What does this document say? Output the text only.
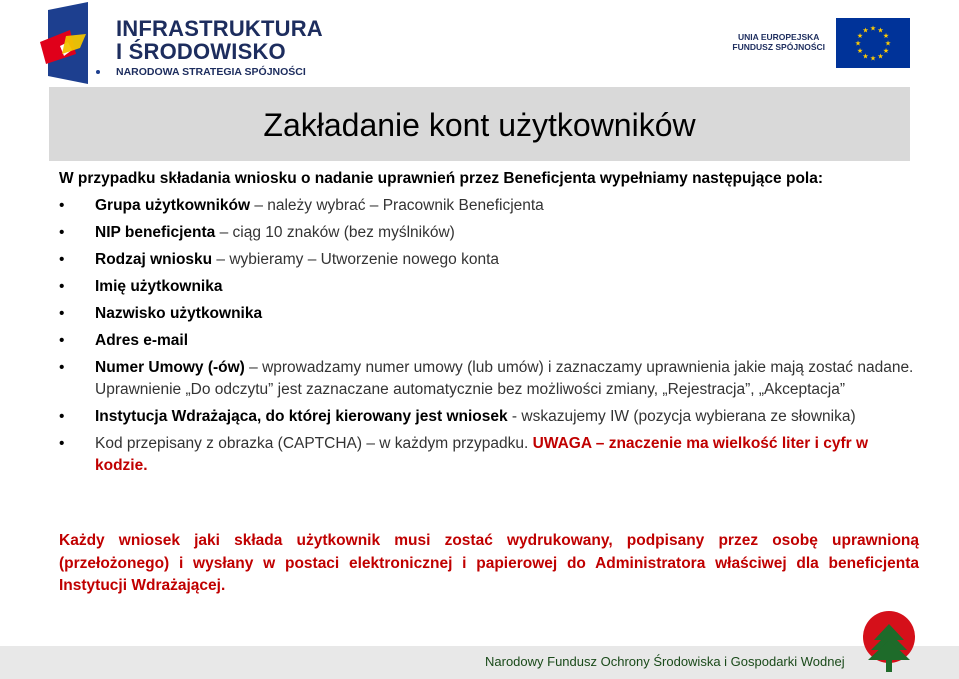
INFRASTRUKTURA
I ŚRODOWISKO
NARODOWA STRATEGIA SPÓJNOŚCI
UNIA EUROPEJSKA
FUNDUSZ SPÓJNOŚCI	★
★
★
★
★
★
★
★
★ ★ ★
★
Zakładanie kont użytkowników
W przypadku składania wniosku o nadanie uprawnień przez Beneficjenta wypełniamy następujące pola:
• Grupa użytkowników – należy wybrać – Pracownik Beneficjenta
• NIP beneficjenta – ciąg 10 znaków (bez myślników)
• Rodzaj wniosku – wybieramy – Utworzenie nowego konta
• Imię użytkownika
• Nazwisko użytkownika
• Adres e-mail
• Numer Umowy (-ów) – wprowadzamy numer umowy (lub umów) i zaznaczamy uprawnienia jakie mają zostać nadane. Uprawnienie „Do odczytu” jest zaznaczane automatycznie bez możliwości zmiany, „Rejestracja”, „Akceptacja”
• Instytucja Wdrażająca, do której kierowany jest wniosek - wskazujemy IW (pozycja wybierana ze słownika)
• Kod przepisany z obrazka (CAPTCHA) – w każdym przypadku. UWAGA – znaczenie ma wielkość liter i cyfr w kodzie.
Każdy wniosek jaki składa użytkownik musi zostać wydrukowany, podpisany przez osobę uprawnioną (przełożonego) i wysłany w postaci elektronicznej i papierowej do Administratora właściwej dla beneficjenta Instytucji Wdrażającej.
Narodowy Fundusz Ochrony Środowiska i Gospodarki Wodnej
